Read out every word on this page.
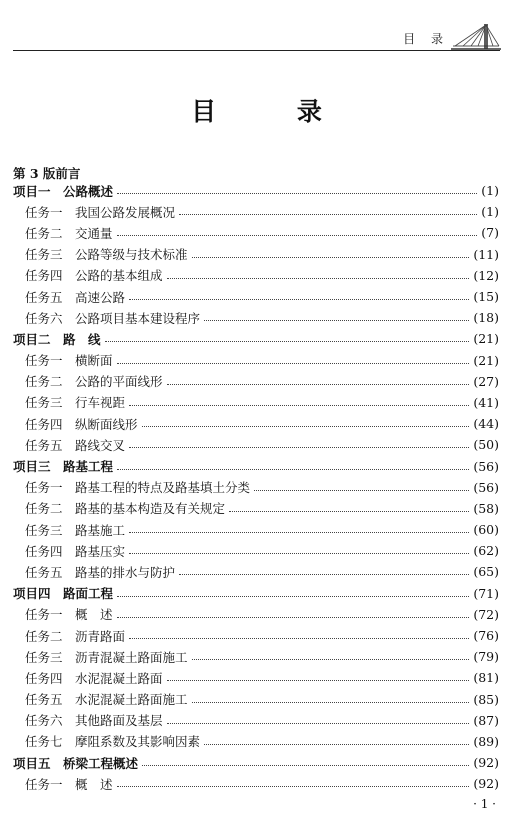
目 录
目 录
第 3 版前言
项目一 公路概述	(1)
任务一 我国公路发展概况	(1)
任务二 交通量	(7)
任务三 公路等级与技术标准	(11)
任务四 公路的基本组成	(12)
任务五 高速公路	(15)
任务六 公路项目基本建设程序	(18)
项目二 路　线	(21)
任务一 横断面	(21)
任务二 公路的平面线形	(27)
任务三 行车视距	(41)
任务四 纵断面线形	(44)
任务五 路线交叉	(50)
项目三 路基工程	(56)
任务一 路基工程的特点及路基填土分类	(56)
任务二 路基的基本构造及有关规定	(58)
任务三 路基施工	(60)
任务四 路基压实	(62)
任务五 路基的排水与防护	(65)
项目四 路面工程	(71)
任务一 概　述	(72)
任务二 沥青路面	(76)
任务三 沥青混凝土路面施工	(79)
任务四 水泥混凝土路面	(81)
任务五 水泥混凝土路面施工	(85)
任务六 其他路面及基层	(87)
任务七 摩阻系数及其影响因素	(89)
项目五 桥梁工程概述	(92)
任务一 概　述	(92)
· 1 ·
